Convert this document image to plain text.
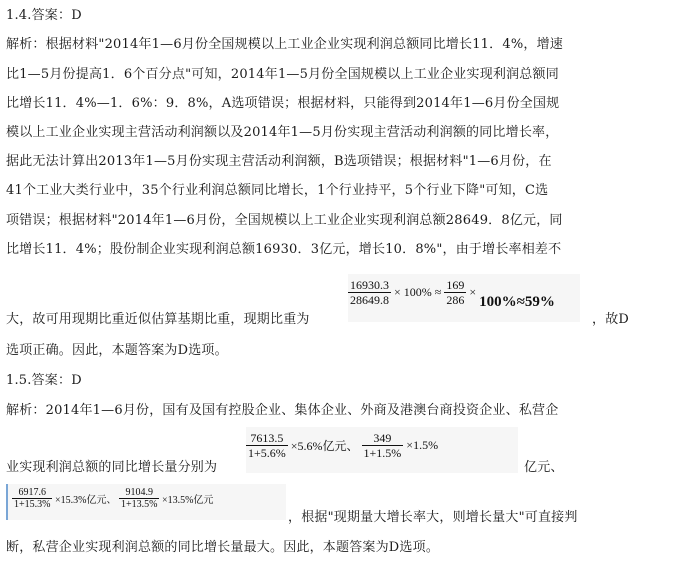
1.4.答案：D
解析：根据材料"2014年1—6月份全国规模以上工业企业实现利润总额同比增长11．4%，增速
比1—5月份提高1．6个百分点"可知，2014年1—5月份全国规模以上工业企业实现利润总额同
比增长11．4%—1．6%：9．8%，A选项错误；根据材料，只能得到2014年1—6月份全国规
模以上工业企业实现主营活动利润额以及2014年1—5月份实现主营活动利润额的同比增长率，
据此无法计算出2013年1—5月份实现主营活动利润额，B选项错误；根据材料"1—6月份，在
41个工业大类行业中，35个行业利润总额同比增长，1个行业持平，5个行业下降"可知，C选
项错误；根据材料"2014年1—6月份，全国规模以上工业企业实现利润总额28649．8亿元，同
比增长11．4%；股份制企业实现利润总额16930．3亿元，增长10．8%"，由于增长率相差不
$\frac{16930.3}{28649.8} \times 100\% \approx \frac{169}{286} \times 100\%\approx 59\%$
大，故可用现期比重近似估算基期比重，现期比重为	，故D
选项正确。因此，本题答案为D选项。
1.5.答案：D
解析：2014年1—6月份，国有及国有控股企业、集体企业、外商及港澳台商投资企业、私营企
$\frac{7613.5}{1+5.6\%} \times 5.6\%$亿元、 $\frac{349}{1+1.5\%} \times 1.5\%$
业实现利润总额的同比增长量分别为	亿元、
$\frac{6917.6}{1+15.3\%} \times 15.3\%$亿元、 $\frac{9104.9}{1+13.5\%} \times 13.5\%$亿元
，根据"现期量大增长率大，则增长量大"可直接判
断，私营企业实现利润总额的同比增长量最大。因此，本题答案为D选项。
